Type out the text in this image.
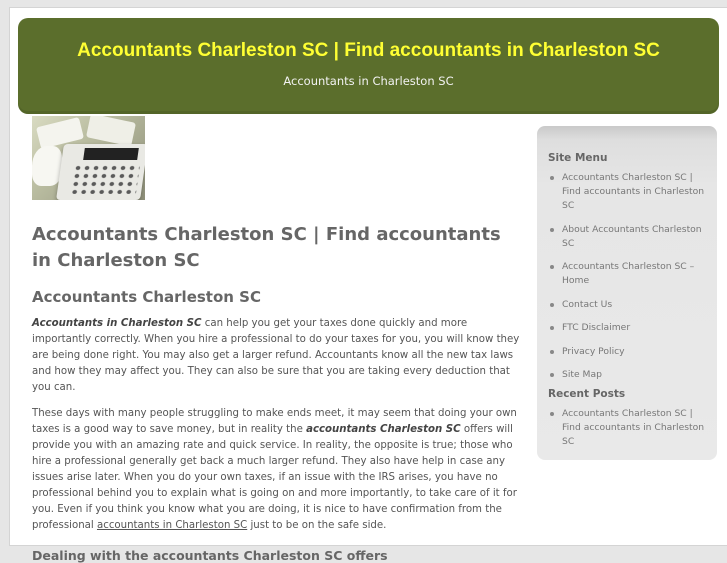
Accountants Charleston SC | Find accountants in Charleston SC

Accountants in Charleston SC

Accountants Charleston SC | Find accountants in Charleston SC
Accountants Charleston SC

Accountants in Charleston SC can help you get your taxes done quickly and more importantly correctly. When you hire a professional to do your taxes for you, you will know they are being done right. You may also get a larger refund. Accountants know all the new tax laws and how they may affect you. They can also be sure that you are taking every deduction that you can.

These days with many people struggling to make ends meet, it may seem that doing your own taxes is a good way to save money, but in reality the accountants Charleston SC offers will provide you with an amazing rate and quick service. In reality, the opposite is true; those who hire a professional generally get back a much larger refund. They also have help in case any issues arise later. When you do your own taxes, if an issue with the IRS arises, you have no professional behind you to explain what is going on and more importantly, to take care of it for you. Even if you think you know what you are doing, it is nice to have confirmation from the professional accountants in Charleston SC just to be on the safe side.

Dealing with the accountants Charleston SC offers
Site Menu
Accountants Charleston SC | Find accountants in Charleston SC
About Accountants Charleston SC
Accountants Charleston SC – Home
Contact Us
FTC Disclaimer
Privacy Policy
Site Map
Recent Posts
Accountants Charleston SC | Find accountants in Charleston SC
